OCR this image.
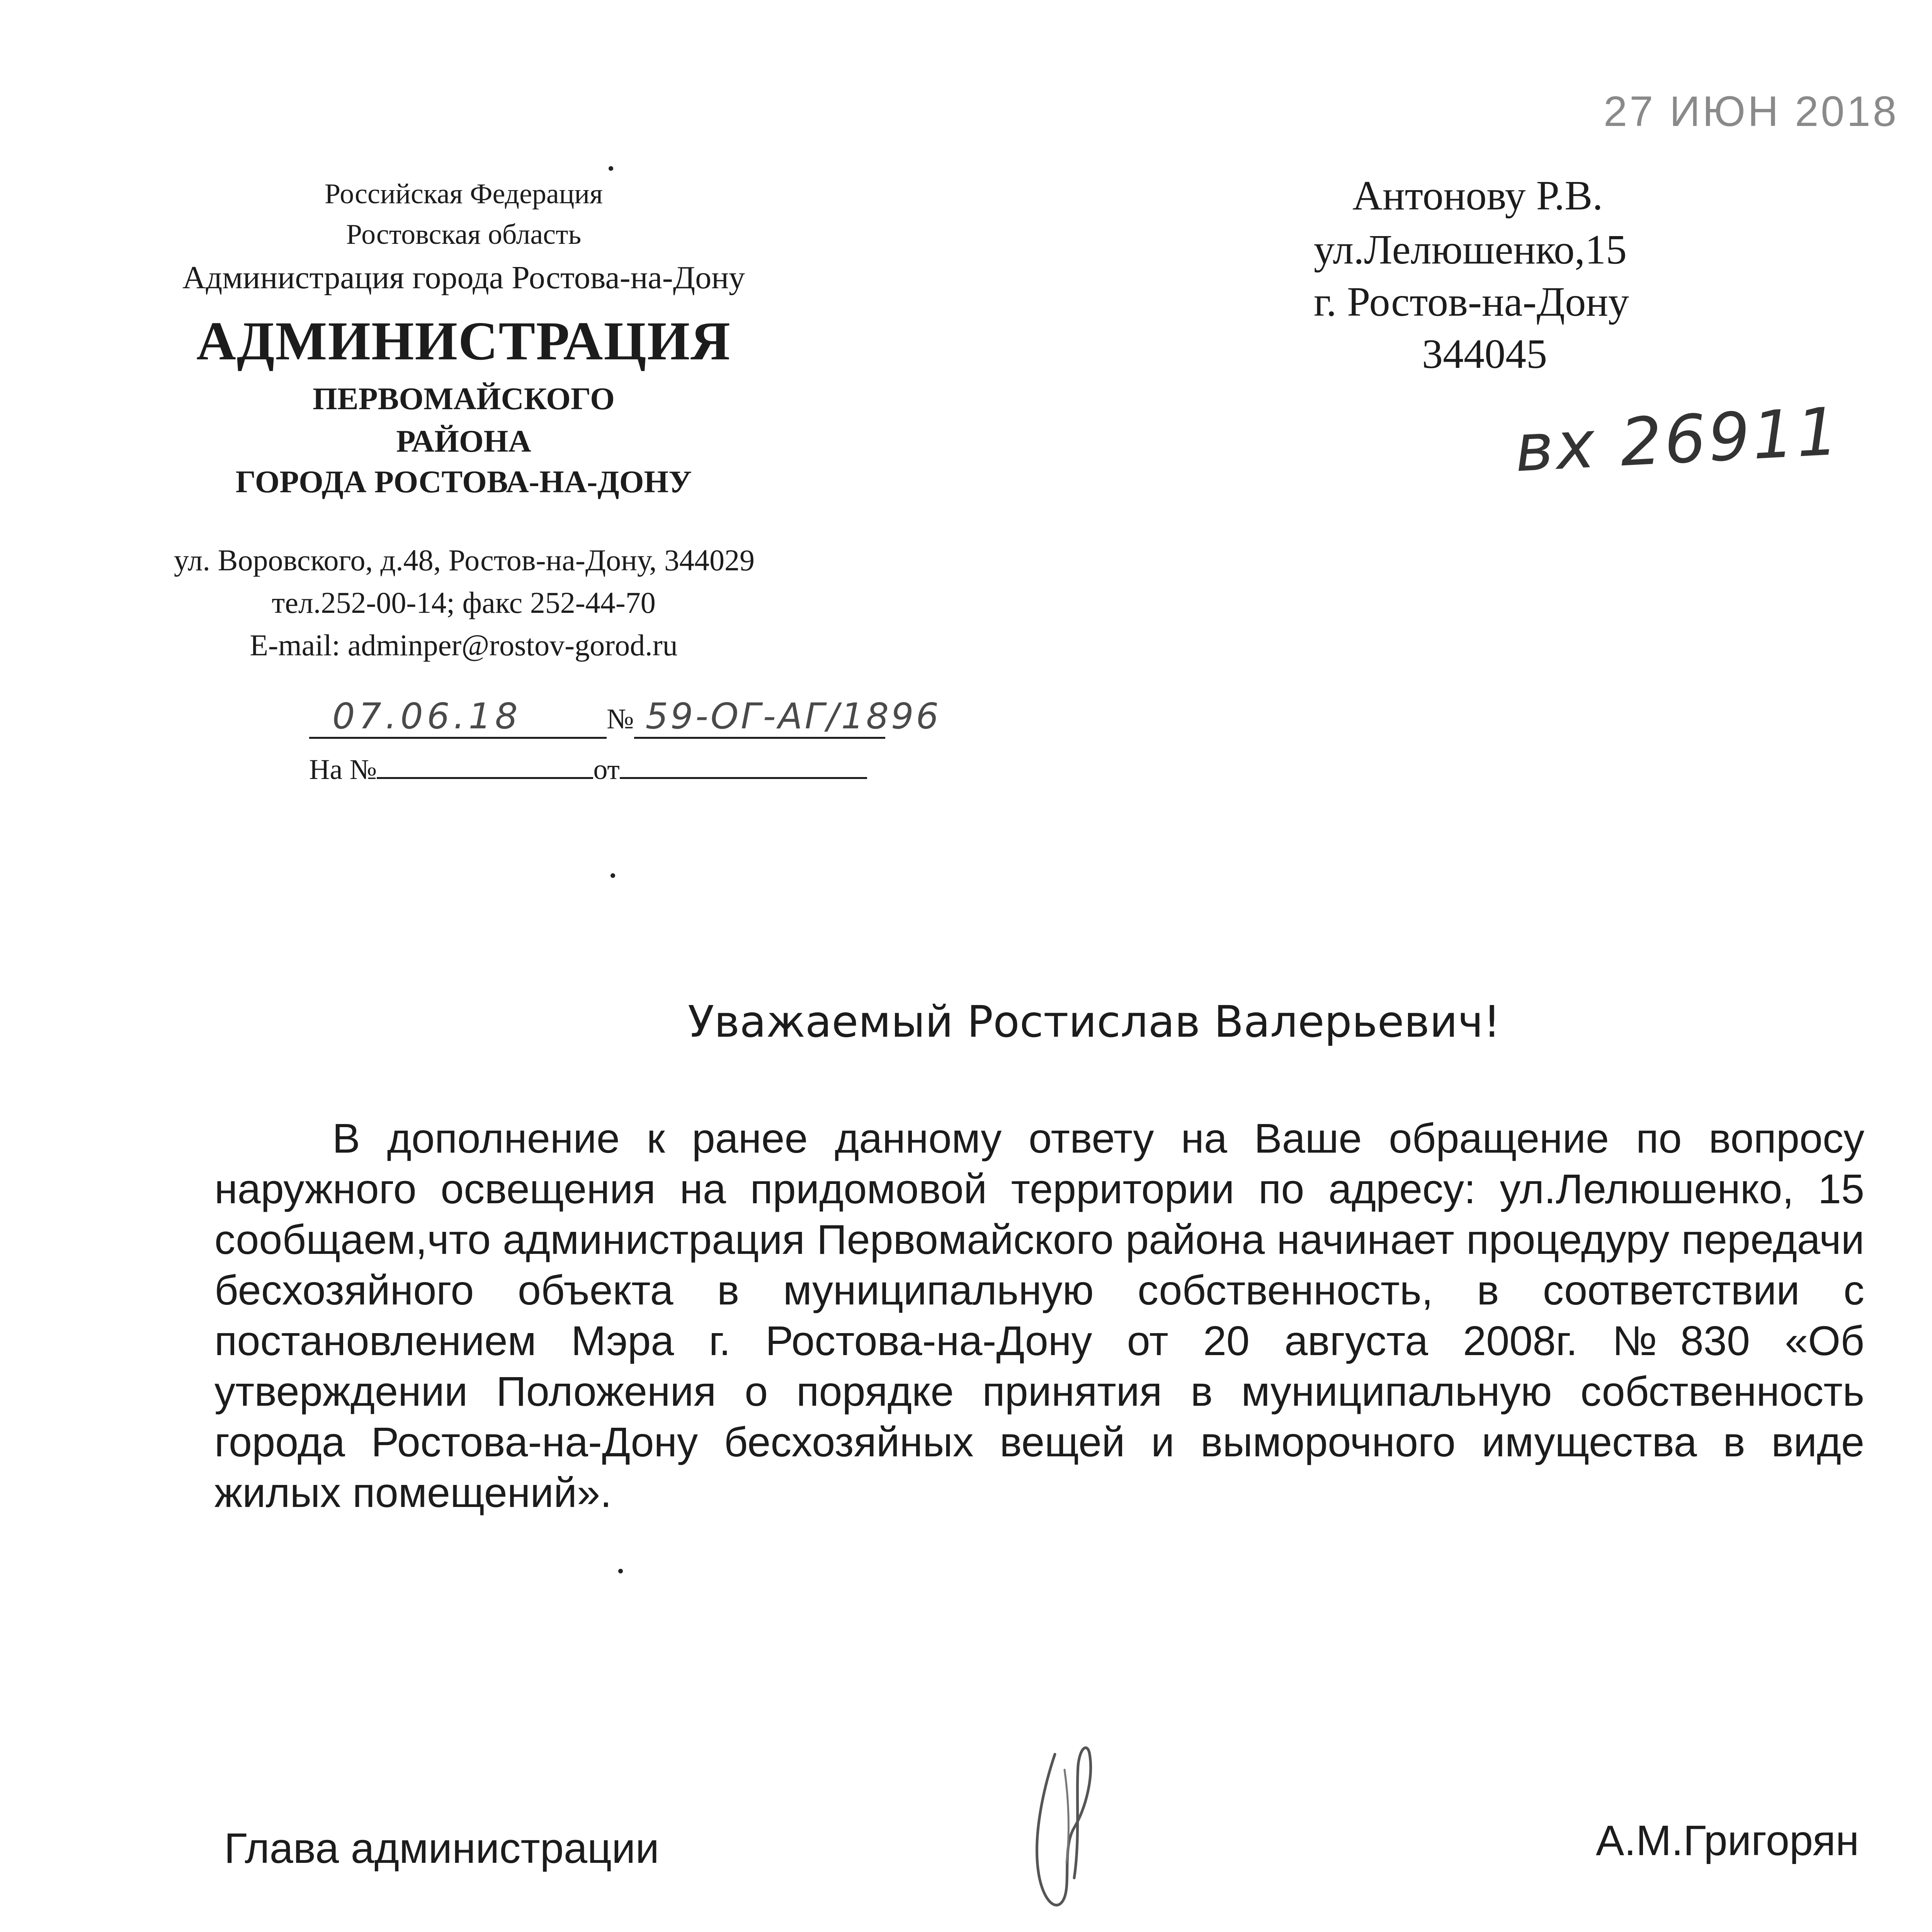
27 ИЮН 2018
Российская Федерация
Ростовская область
Администрация города Ростова-на-Дону
АДМИНИСТРАЦИЯ
ПЕРВОМАЙСКОГО
РАЙОНА
ГОРОДА РОСТОВА-НА-ДОНУ
ул. Воровского, д.48, Ростов-на-Дону, 344029
тел.252-00-14; факс 252-44-70
E-mail: adminper@rostov-gorod.ru
07.06.18	№ 59-ОГ-АГ/1896
На №	от
Антонову Р.В.
ул.Лелюшенко,15
г. Ростов-на-Дону
344045
вх 26911
Уважаемый Ростислав Валерьевич!
В дополнение к ранее данному ответу на Ваше обращение по вопросу наружного освещения на придомовой территории по адресу: ул.Лелюшенко, 15 сообщаем,что администрация Первомайского района начинает процедуру передачи бесхозяйного объекта в муниципальную собственность, в соответствии с постановлением Мэра г. Ростова-на-Дону от 20 августа 2008г. №830 «Об утверждении Положения о порядке принятия в муниципальную собственность города Ростова-на-Дону бесхозяйных вещей и выморочного имущества в виде жилых помещений».
Глава администрации	А.М.Григорян
